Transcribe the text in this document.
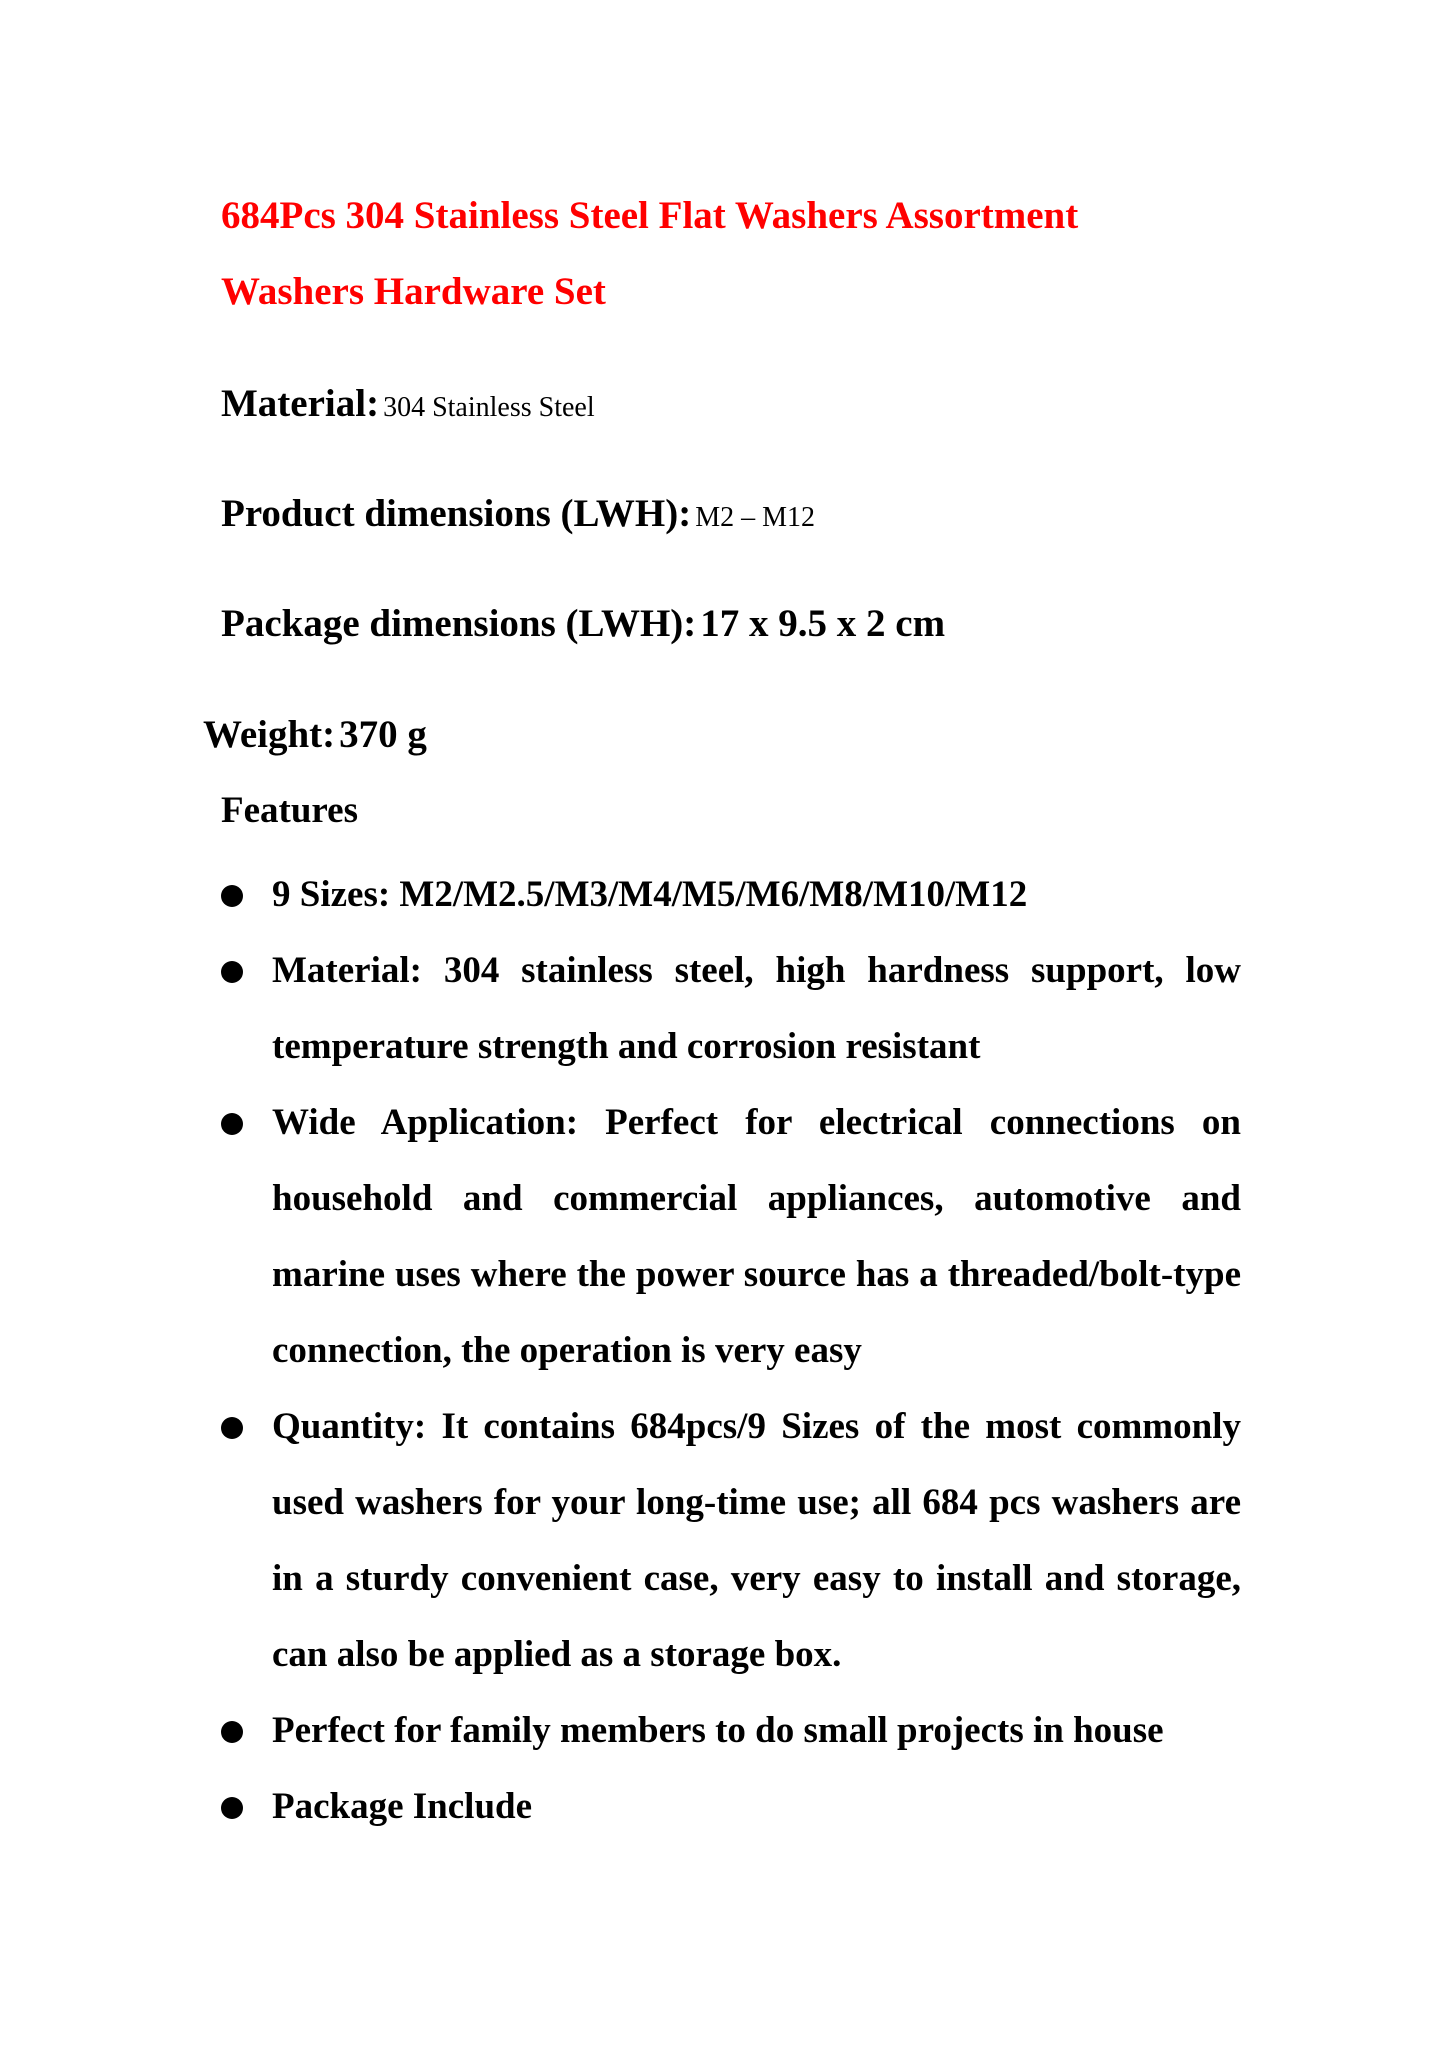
684Pcs 304 Stainless Steel Flat Washers Assortment
Washers Hardware Set
Material: 304 Stainless Steel
Product dimensions (LWH): M2 – M12
Package dimensions (LWH): 17 x 9.5 x 2 cm
Weight: 370 g
Features
9 Sizes: M2/M2.5/M3/M4/M5/M6/M8/M10/M12
Material: 304 stainless steel, high hardness support, low temperature strength and corrosion resistant
Wide Application: Perfect for electrical connections on household and commercial appliances, automotive and marine uses where the power source has a threaded/bolt-type connection, the operation is very easy
Quantity: It contains 684pcs/9 Sizes of the most commonly used washers for your long-time use; all 684 pcs washers are in a sturdy convenient case, very easy to install and storage, can also be applied as a storage box.
Perfect for family members to do small projects in house
Package Include
